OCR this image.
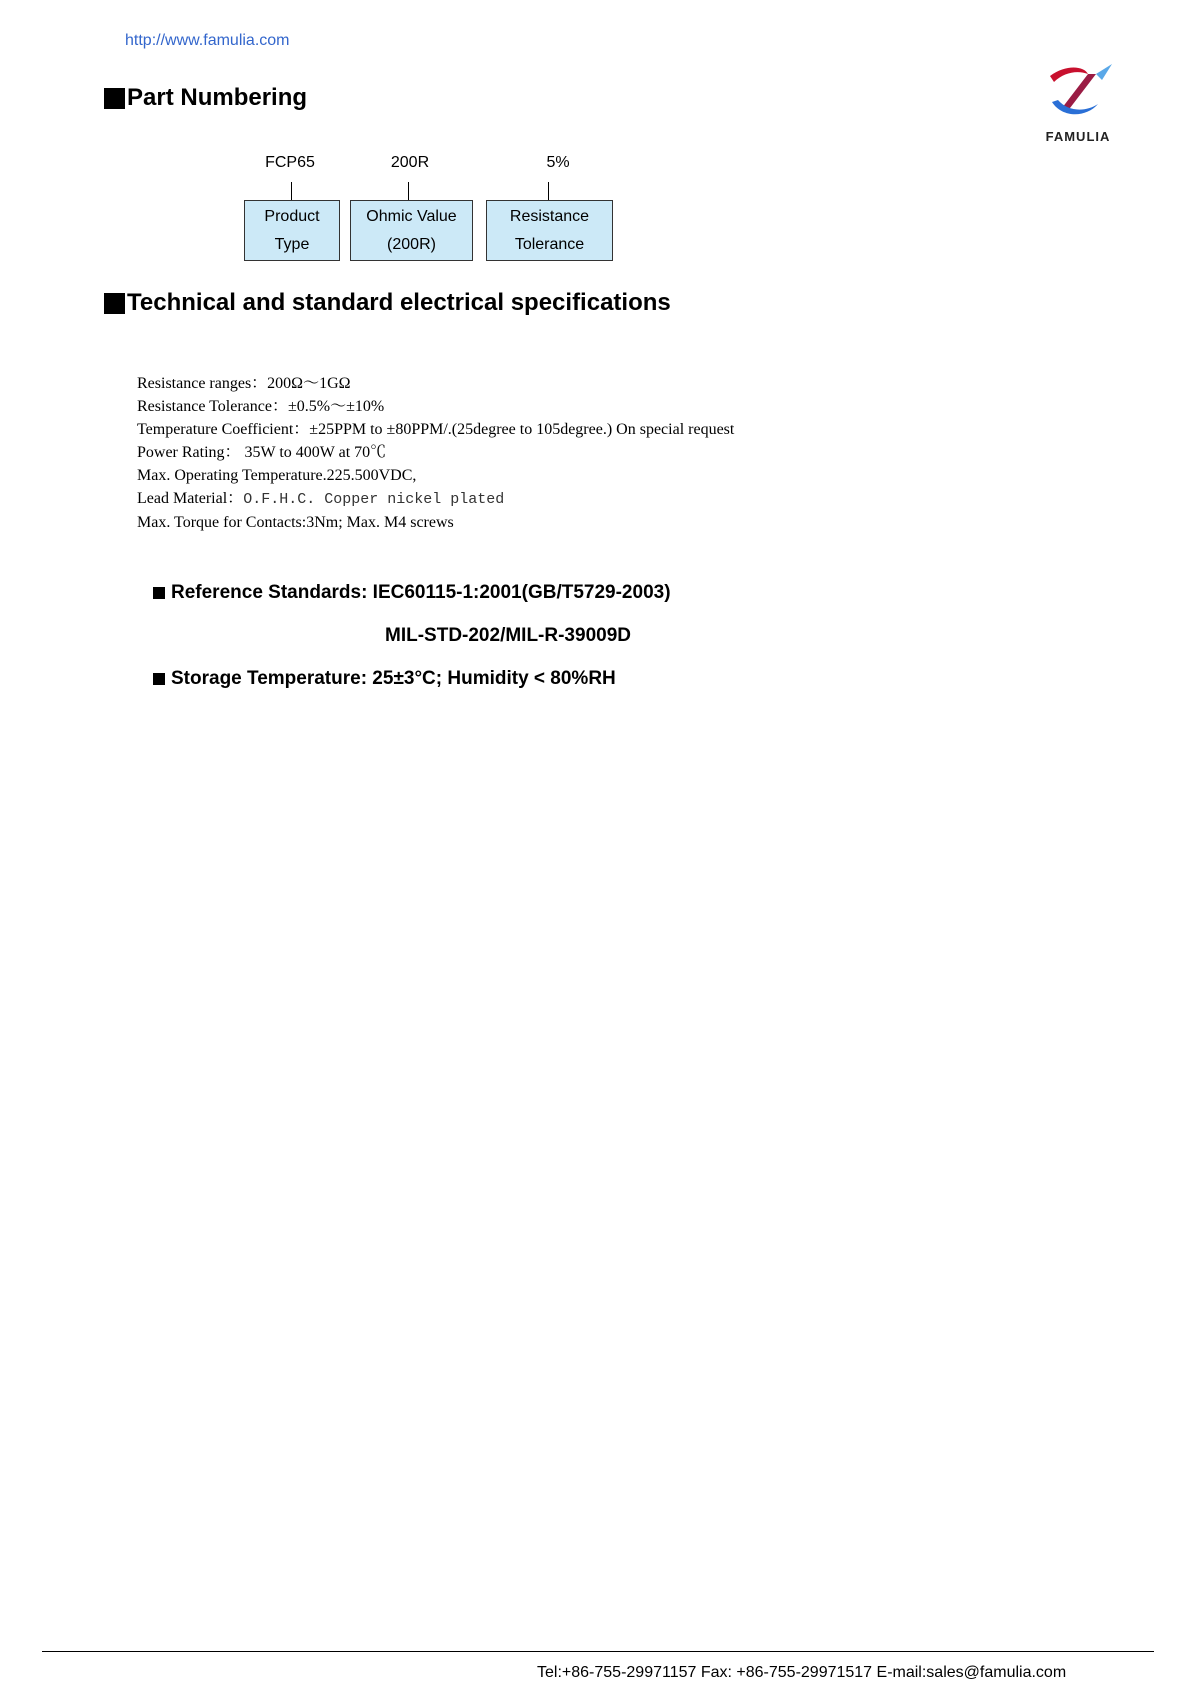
http://www.famulia.com
FAMULIA
Part Numbering
FCP65	200R	5%
Product
Type
Ohmic Value
(200R)
Resistance
Tolerance
Technical and standard electrical specifications
Resistance ranges：200Ω～1GΩ
Resistance Tolerance：±0.5%～±10%
Temperature Coefficient：±25PPM to ±80PPM/.(25degree to 105degree.) On special request
Power Rating： 35W to 400W at 70℃
Max. Operating Temperature.225.500VDC,
Lead Material：O.F.H.C. Copper nickel plated
Max. Torque for Contacts:3Nm; Max. M4 screws
Reference Standards: IEC60115-1:2001(GB/T5729-2003)
MIL-STD-202/MIL-R-39009D
Storage Temperature: 25±3°C; Humidity < 80%RH
Tel:+86-755-29971157 Fax: +86-755-29971517 E-mail:sales@famulia.com
